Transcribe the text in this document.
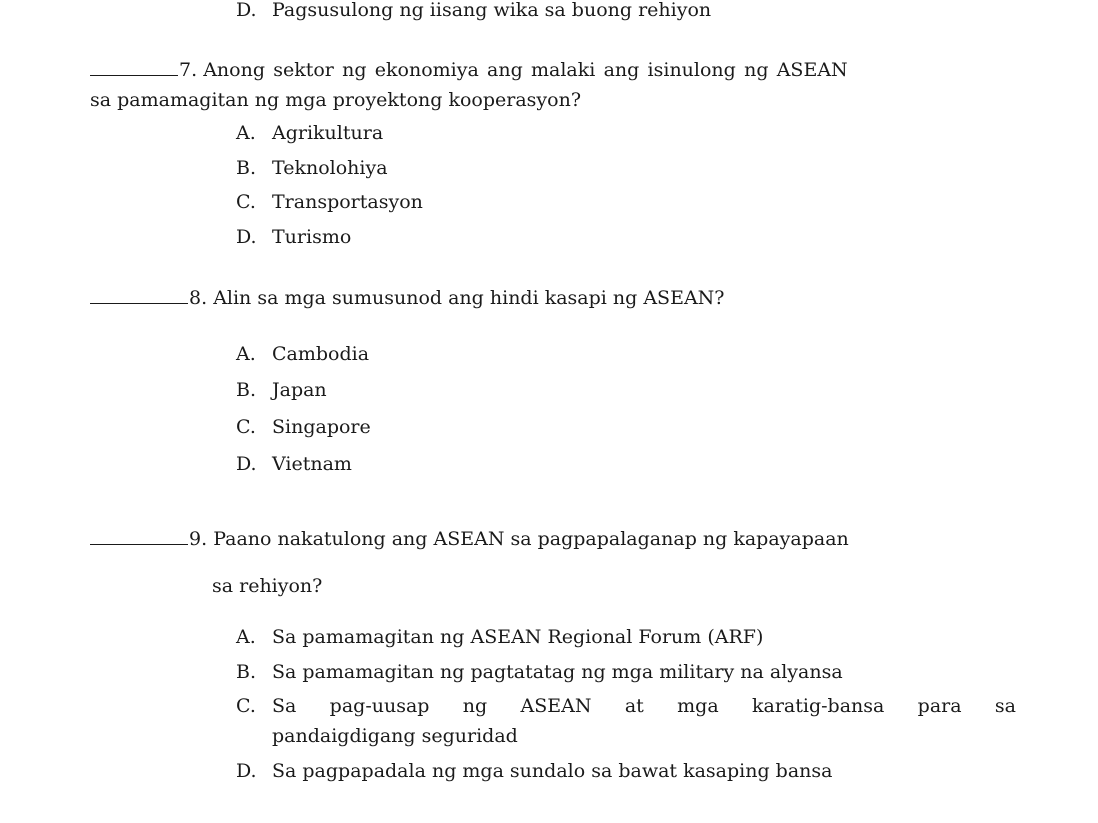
D. Pagsusulong ng iisang wika sa buong rehiyon
7. Anong sektor ng ekonomiya ang malaki ang isinulong ng ASEAN
sa pamamagitan ng mga proyektong kooperasyon?
A. Agrikultura
B. Teknolohiya
C. Transportasyon
D. Turismo
8. Alin sa mga sumusunod ang hindi kasapi ng ASEAN?
A. Cambodia
B. Japan
C. Singapore
D. Vietnam
9. Paano nakatulong ang ASEAN sa pagpapalaganap ng kapayapaan
sa rehiyon?
A. Sa pamamagitan ng ASEAN Regional Forum (ARF)
B. Sa pamamagitan ng pagtatatag ng mga military na alyansa
C. Sa pag-uusap ng ASEAN at mga karatig-bansa para sa
pandaigdigang seguridad
D. Sa pagpapadala ng mga sundalo sa bawat kasaping bansa
